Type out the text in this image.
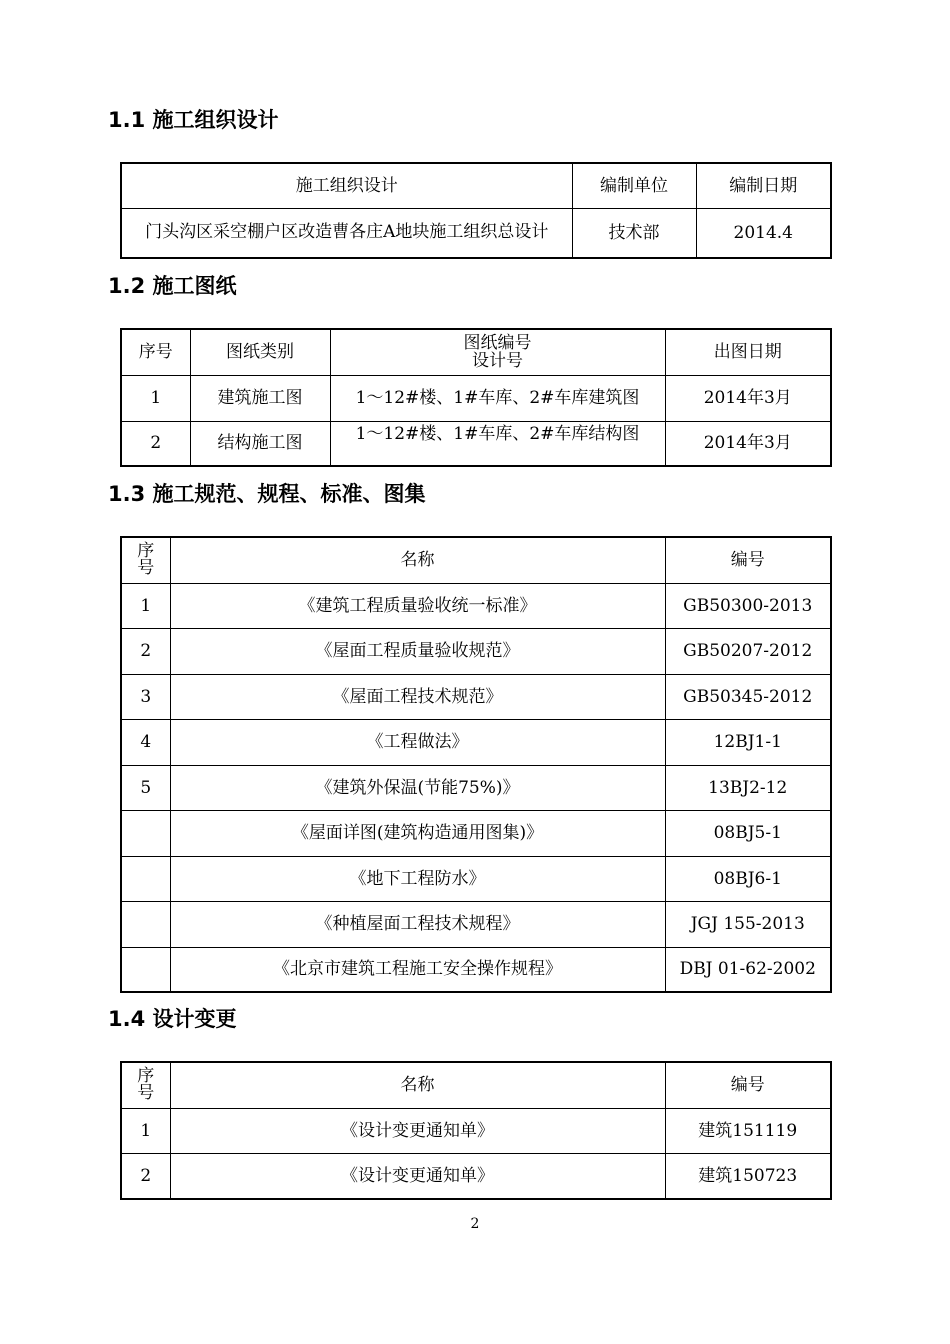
1.1 施工组织设计
施工组织设计	编制单位	编制日期
门头沟区采空棚户区改造曹各庄A地块施工组织总设计	技术部	2014.4
1.2 施工图纸
序号	图纸类别	图纸编号设计号	出图日期
1	建筑施工图	1～12#楼、1#车库、2#车库建筑图	2014年3月
2	结构施工图	1～12#楼、1#车库、2#车库结构图	2014年3月
1.3 施工规范、规程、标准、图集
序号	名称	编号
1	《建筑工程质量验收统一标准》	GB50300-2013
2	《屋面工程质量验收规范》	GB50207-2012
3	《屋面工程技术规范》	GB50345-2012
4	《工程做法》	12BJ1-1
5	《建筑外保温(节能75%)》	13BJ2-12
	《屋面详图(建筑构造通用图集)》	08BJ5-1
	《地下工程防水》	08BJ6-1
	《种植屋面工程技术规程》	JGJ 155-2013
	《北京市建筑工程施工安全操作规程》	DBJ 01-62-2002
1.4 设计变更
序号	名称	编号
1	《设计变更通知单》	建筑151119
2	《设计变更通知单》	建筑150723
2
